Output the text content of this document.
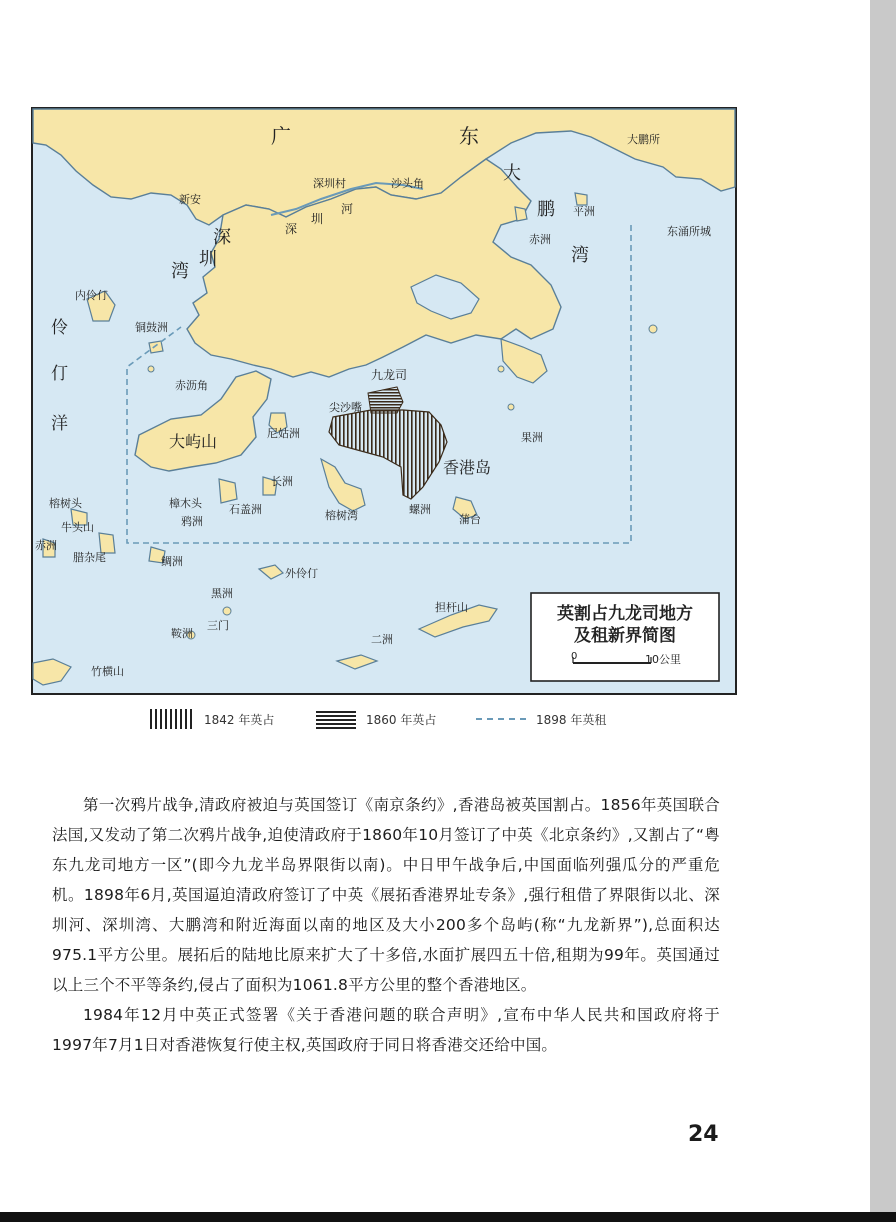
英割占九龙司地方
及租新界简图
0	10公里
广	东	大鹏所
大
鹏
湾
平洲
赤洲
东涌所城
深圳村	沙头角
深
圳
河
新安
深
圳
湾
内伶仃
伶
仃
洋
铜鼓洲
赤沥角
九龙司
尖沙嘴
大屿山	尼姑洲	果洲
香港岛
榕树头
牛头山
赤洲
腊杂尾
樟木头
鸦洲
石盖洲
长洲
榕树湾	螺洲
蒲台
鲷洲
外伶仃
黑洲
三门
鞍洲
担杆山
二洲
竹横山
1842 年英占	1860 年英占	1898 年英租

第一次鸦片战争,清政府被迫与英国签订《南京条约》,香港岛被英国割占。1856年英国联合法国,又发动了第二次鸦片战争,迫使清政府于1860年10月签订了中英《北京条约》,又割占了“粤东九龙司地方一区”(即今九龙半岛界限街以南)。中日甲午战争后,中国面临列强瓜分的严重危机。1898年6月,英国逼迫清政府签订了中英《展拓香港界址专条》,强行租借了界限街以北、深圳河、深圳湾、大鹏湾和附近海面以南的地区及大小200多个岛屿(称“九龙新界”),总面积达975.1平方公里。展拓后的陆地比原来扩大了十多倍,水面扩展四五十倍,租期为99年。英国通过以上三个不平等条约,侵占了面积为1061.8平方公里的整个香港地区。

1984年12月中英正式签署《关于香港问题的联合声明》,宣布中华人民共和国政府将于1997年7月1日对香港恢复行使主权,英国政府于同日将香港交还给中国。

24
